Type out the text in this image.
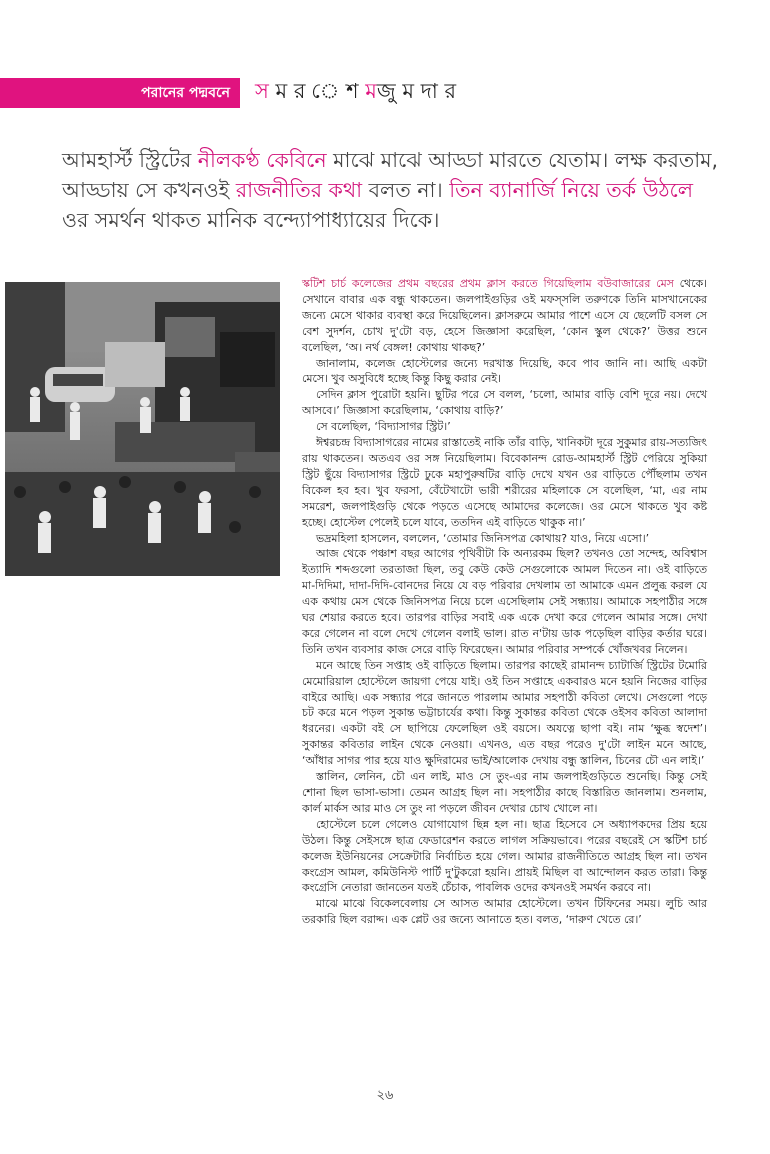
পরানের পদ্মবনে স ম র ে শ মজু ম দা র
আমহার্স্ট স্ট্রিটের নীলকণ্ঠ কেবিনে মাঝে মাঝে আড্ডা মারতে যেতাম। লক্ষ করতাম, আড্ডায় সে কখনওই রাজনীতির কথা বলত না। তিন ব্যানার্জি নিয়ে তর্ক উঠলে ওর সমর্থন থাকত মানিক বন্দ্যোপাধ্যায়ের দিকে।

স্কটিশ চার্চ কলেজের প্রথম বছরের প্রথম ক্লাস করতে গিয়েছিলাম বউবাজারের মেস থেকে। সেখানে বাবার এক বন্ধু থাকতেন। জলপাইগুড়ির ওই মফস্‌সলি তরুণকে তিনি মাসখানেকের জন্যে মেসে থাকার ব্যবস্থা করে দিয়েছিলেন। ক্লাসরুমে আমার পাশে এসে যে ছেলেটি বসল সে বেশ সুদর্শন, চোখ দু'টো বড়, হেসে জিজ্ঞাসা করেছিল, ‘কোন স্কুল থেকে?’ উত্তর শুনে বলেছিল, ‘অ। নর্থ বেঙ্গল! কোথায় থাকছ?’

জানালাম, কলেজ হোস্টেলের জন্যে দরখাস্ত দিয়েছি, কবে পাব জানি না। আছি একটা মেসে। খুব অসুবিধে হচ্ছে কিন্তু কিছু করার নেই।

সেদিন ক্লাস পুরোটা হয়নি। ছুটির পরে সে বলল, ‘চলো, আমার বাড়ি বেশি দূরে নয়। দেখে আসবে।’ জিজ্ঞাসা করেছিলাম, ‘কোথায় বাড়ি?’

সে বলেছিল, ‘বিদ্যাসাগর স্ট্রিট।’

ঈশ্বরচন্দ্র বিদ্যাসাগরের নামের রাস্তাতেই নাকি তাঁর বাড়ি, খানিকটা দূরে সুকুমার রায়-সত্যজিৎ রায় থাকতেন। অতএব ওর সঙ্গ নিয়েছিলাম। বিবেকানন্দ রোড-আমহার্স্ট স্ট্রিট পেরিয়ে সুকিয়া স্ট্রিট ছুঁয়ে বিদ্যাসাগর স্ট্রিটে ঢুকে মহাপুরুষটির বাড়ি দেখে যখন ওর বাড়িতে পৌঁছলাম তখন বিকেল হব হব। খুব ফরসা, বেঁটেখাটো ভারী শরীরের মহিলাকে সে বলেছিল, ‘মা, এর নাম সমরেশ, জলপাইগুড়ি থেকে পড়তে এসেছে আমাদের কলেজে। ওর মেসে থাকতে খুব কষ্ট হচ্ছে। হোস্টেল পেলেই চলে যাবে, ততদিন এই বাড়িতে থাকুক না।’

ভদ্রমহিলা হাসলেন, বললেন, ‘তোমার জিনিসপত্র কোথায়? যাও, নিয়ে এসো।’

আজ থেকে পঞ্চাশ বছর আগের পৃথিবীটা কি অন্যরকম ছিল? তখনও তো সন্দেহ, অবিশ্বাস ইত্যাদি শব্দগুলো তরতাজা ছিল, তবু কেউ কেউ সেগুলোকে আমল দিতেন না। ওই বাড়িতে মা-দিদিমা, দাদা-দিদি-বোনদের নিয়ে যে বড় পরিবার দেখলাম তা আমাকে এমন প্রলুব্ধ করল যে এক কথায় মেস থেকে জিনিসপত্র নিয়ে চলে এসেছিলাম সেই সন্ধ্যায়। আমাকে সহপাঠীর সঙ্গে ঘর শেয়ার করতে হবে। তারপর বাড়ির সবাই এক একে দেখা করে গেলেন আমার সঙ্গে। দেখা করে গেলেন না বলে দেখে গেলেন বলাই ভাল। রাত ন'টায় ডাক পড়েছিল বাড়ির কর্তার ঘরে। তিনি তখন ব্যবসার কাজ সেরে বাড়ি ফিরেছেন। আমার পরিবার সম্পর্কে খোঁজখবর নিলেন।

মনে আছে তিন সপ্তাহ ওই বাড়িতে ছিলাম। তারপর কাছেই রামানন্দ চ্যাটার্জি স্ট্রিটের টমোরি মেমোরিয়াল হোস্টেলে জায়গা পেয়ে যাই। ওই তিন সপ্তাহে একবারও মনে হয়নি নিজের বাড়ির বাইরে আছি। এক সন্ধ্যার পরে জানতে পারলাম আমার সহপাঠী কবিতা লেখে। সেগুলো পড়ে চট করে মনে পড়ল সুকান্ত ভট্টাচার্যের কথা। কিন্তু সুকান্তর কবিতা থেকে ওইসব কবিতা আলাদা ধরনের। একটা বই সে ছাপিয়ে ফেলেছিল ওই বয়সে। অযত্নে ছাপা বই। নাম ‘ক্ষুব্ধ স্বদেশ’। সুকান্তর কবিতার লাইন থেকে নেওয়া। এখনও, এত বছর পরেও দু'টো লাইন মনে আছে, ‘আঁধার সাগর পার হয়ে যাও ক্ষুদিরামের ভাই/আলোক দেখায় বন্ধু স্তালিন, চিনের চৌ এন লাই।’

স্তালিন, লেনিন, চৌ এন লাই, মাও সে তুং-এর নাম জলপাইগুড়িতে শুনেছি। কিন্তু সেই শোনা ছিল ভাসা-ভাসা। তেমন আগ্রহ ছিল না। সহপাঠীর কাছে বিস্তারিত জানলাম। শুনলাম, কার্ল মার্কস আর মাও সে তুং না পড়লে জীবন দেখার চোখ খোলে না।

হোস্টেলে চলে গেলেও যোগাযোগ ছিন্ন হল না। ছাত্র হিসেবে সে অধ্যাপকদের প্রিয় হয়ে উঠল। কিন্তু সেইসঙ্গে ছাত্র ফেডারেশন করতে লাগল সক্রিয়ভাবে। পরের বছরেই সে স্কটিশ চার্চ কলেজ ইউনিয়নের সেক্রেটারি নির্বাচিত হয়ে গেল। আমার রাজনীতিতে আগ্রহ ছিল না। তখন কংগ্রেস আমল, কমিউনিস্ট পার্টি দু'টুকরো হয়নি। প্রায়ই মিছিল বা আন্দোলন করত তারা। কিন্তু কংগ্রেসি নেতারা জানতেন যতই চেঁচাক, পাবলিক ওদের কখনওই সমর্থন করবে না।

মাঝে মাঝে বিকেলবেলায় সে আসত আমার হোস্টেলে। তখন টিফিনের সময়। লুচি আর তরকারি ছিল বরাদ্দ। এক প্লেট ওর জন্যে আনাতে হত। বলত, ‘দারুণ খেতে রে।’

২৬
